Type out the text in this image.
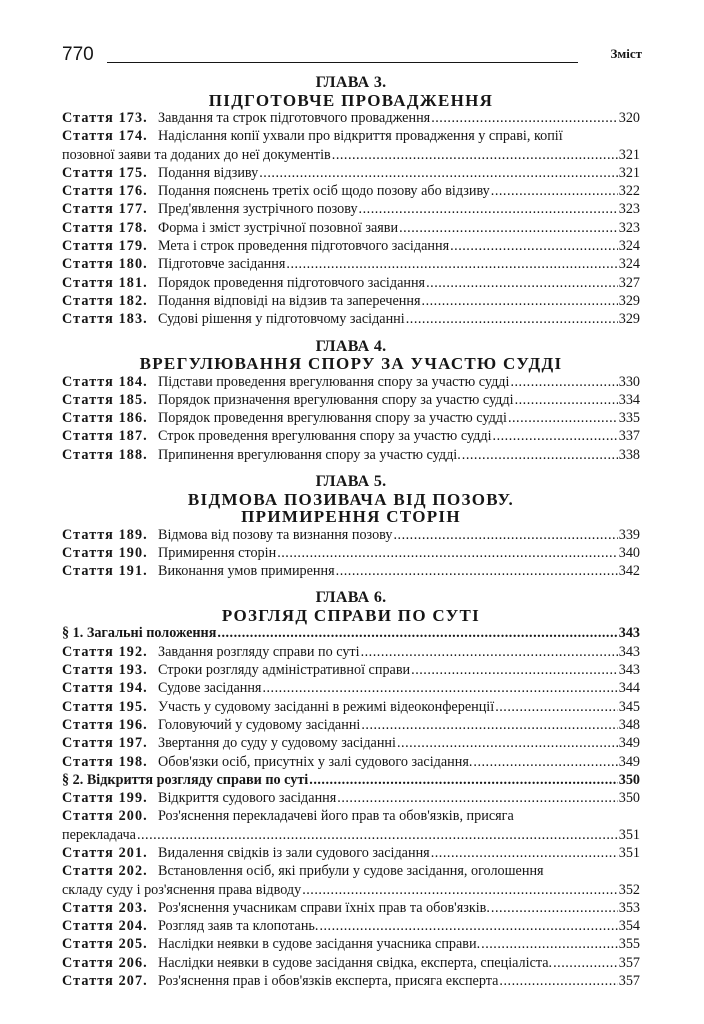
770	Зміст
ГЛАВА 3.
ПІДГОТОВЧЕ ПРОВАДЖЕННЯ
Стаття 173. Завдання та строк підготовчого провадження .....	320
Стаття 174. Надіслання копії ухвали про відкриття провадження у справі, копії
позовної заяви та доданих до неї документів .....	321
Стаття 175. Подання відзиву .....	321
Стаття 176. Подання пояснень третіх осіб щодо позову або відзиву .....	322
Стаття 177. Пред'явлення зустрічного позову .....	323
Стаття 178. Форма і зміст зустрічної позовної заяви .....	323
Стаття 179. Мета і строк проведення підготовчого засідання .....	324
Стаття 180. Підготовче засідання .....	324
Стаття 181. Порядок проведення підготовчого засідання .....	327
Стаття 182. Подання відповіді на відзив та заперечення .....	329
Стаття 183. Судові рішення у підготовчому засіданні .....	329
ГЛАВА 4.
ВРЕГУЛЮВАННЯ СПОРУ ЗА УЧАСТЮ СУДДІ
Стаття 184. Підстави проведення врегулювання спору за участю судді .....	330
Стаття 185. Порядок призначення врегулювання спору за участю судді .....	334
Стаття 186. Порядок проведення врегулювання спору за участю судді .....	335
Стаття 187. Строк проведення врегулювання спору за участю судді .....	337
Стаття 188. Припинення врегулювання спору за участю судді. .....	338
ГЛАВА 5.
ВІДМОВА ПОЗИВАЧА ВІД ПОЗОВУ.
ПРИМИРЕННЯ СТОРІН
Стаття 189. Відмова від позову та визнання позову .....	339
Стаття 190. Примирення сторін .....	340
Стаття 191. Виконання умов примирення .....	342
ГЛАВА 6.
РОЗГЛЯД СПРАВИ ПО СУТІ
§ 1. Загальні положення .....	343
Стаття 192. Завдання розгляду справи по суті .....	343
Стаття 193. Строки розгляду адміністративної справи .....	343
Стаття 194. Судове засідання .....	344
Стаття 195. Участь у судовому засіданні в режимі відеоконференції .....	345
Стаття 196. Головуючий у судовому засіданні .....	348
Стаття 197. Звертання до суду у судовому засіданні .....	349
Стаття 198. Обов'язки осіб, присутніх у залі судового засідання. .....	349
§ 2. Відкриття розгляду справи по суті .....	350
Стаття 199. Відкриття судового засідання .....	350
Стаття 200. Роз'яснення перекладачеві його прав та обов'язків, присяга
перекладача .....	351
Стаття 201. Видалення свідків із зали судового засідання .....	351
Стаття 202. Встановлення осіб, які прибули у судове засідання, оголошення
складу суду і роз'яснення права відводу .....	352
Стаття 203. Роз'яснення учасникам справи їхніх прав та обов'язків. .....	353
Стаття 204. Розгляд заяв та клопотань. .....	354
Стаття 205. Наслідки неявки в судове засідання учасника справи. .....	355
Стаття 206. Наслідки неявки в судове засідання свідка, експерта, спеціаліста. .....	357
Стаття 207. Роз'яснення прав і обов'язків експерта, присяга експерта .....	357
